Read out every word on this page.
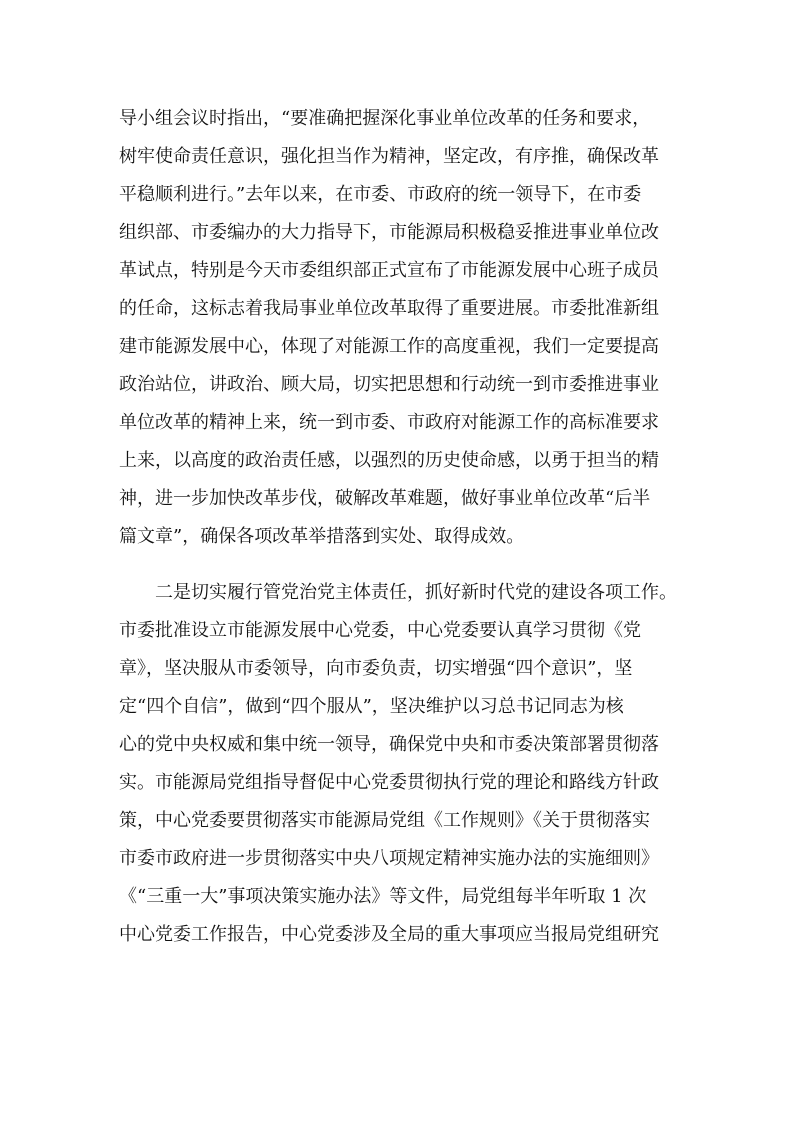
导小组会议时指出，“要准确把握深化事业单位改革的任务和要求，
树牢使命责任意识，强化担当作为精神，坚定改，有序推，确保改革
平稳顺利进行。”去年以来，在市委、市政府的统一领导下，在市委
组织部、市委编办的大力指导下，市能源局积极稳妥推进事业单位改
革试点，特别是今天市委组织部正式宣布了市能源发展中心班子成员
的任命，这标志着我局事业单位改革取得了重要进展。市委批准新组
建市能源发展中心，体现了对能源工作的高度重视，我们一定要提高
政治站位，讲政治、顾大局，切实把思想和行动统一到市委推进事业
单位改革的精神上来，统一到市委、市政府对能源工作的高标准要求
上来，以高度的政治责任感，以强烈的历史使命感，以勇于担当的精
神，进一步加快改革步伐，破解改革难题，做好事业单位改革“后半
篇文章”，确保各项改革举措落到实处、取得成效。
　　二是切实履行管党治党主体责任，抓好新时代党的建设各项工作。
市委批准设立市能源发展中心党委，中心党委要认真学习贯彻《党
章》，坚决服从市委领导，向市委负责，切实增强“四个意识”，坚
定“四个自信”，做到“四个服从”，坚决维护以习总书记同志为核
心的党中央权威和集中统一领导，确保党中央和市委决策部署贯彻落
实。市能源局党组指导督促中心党委贯彻执行党的理论和路线方针政
策，中心党委要贯彻落实市能源局党组《工作规则》《关于贯彻落实
市委市政府进一步贯彻落实中央八项规定精神实施办法的实施细则》
《“三重一大”事项决策实施办法》等文件，局党组每半年听取 1 次
中心党委工作报告，中心党委涉及全局的重大事项应当报局党组研究
